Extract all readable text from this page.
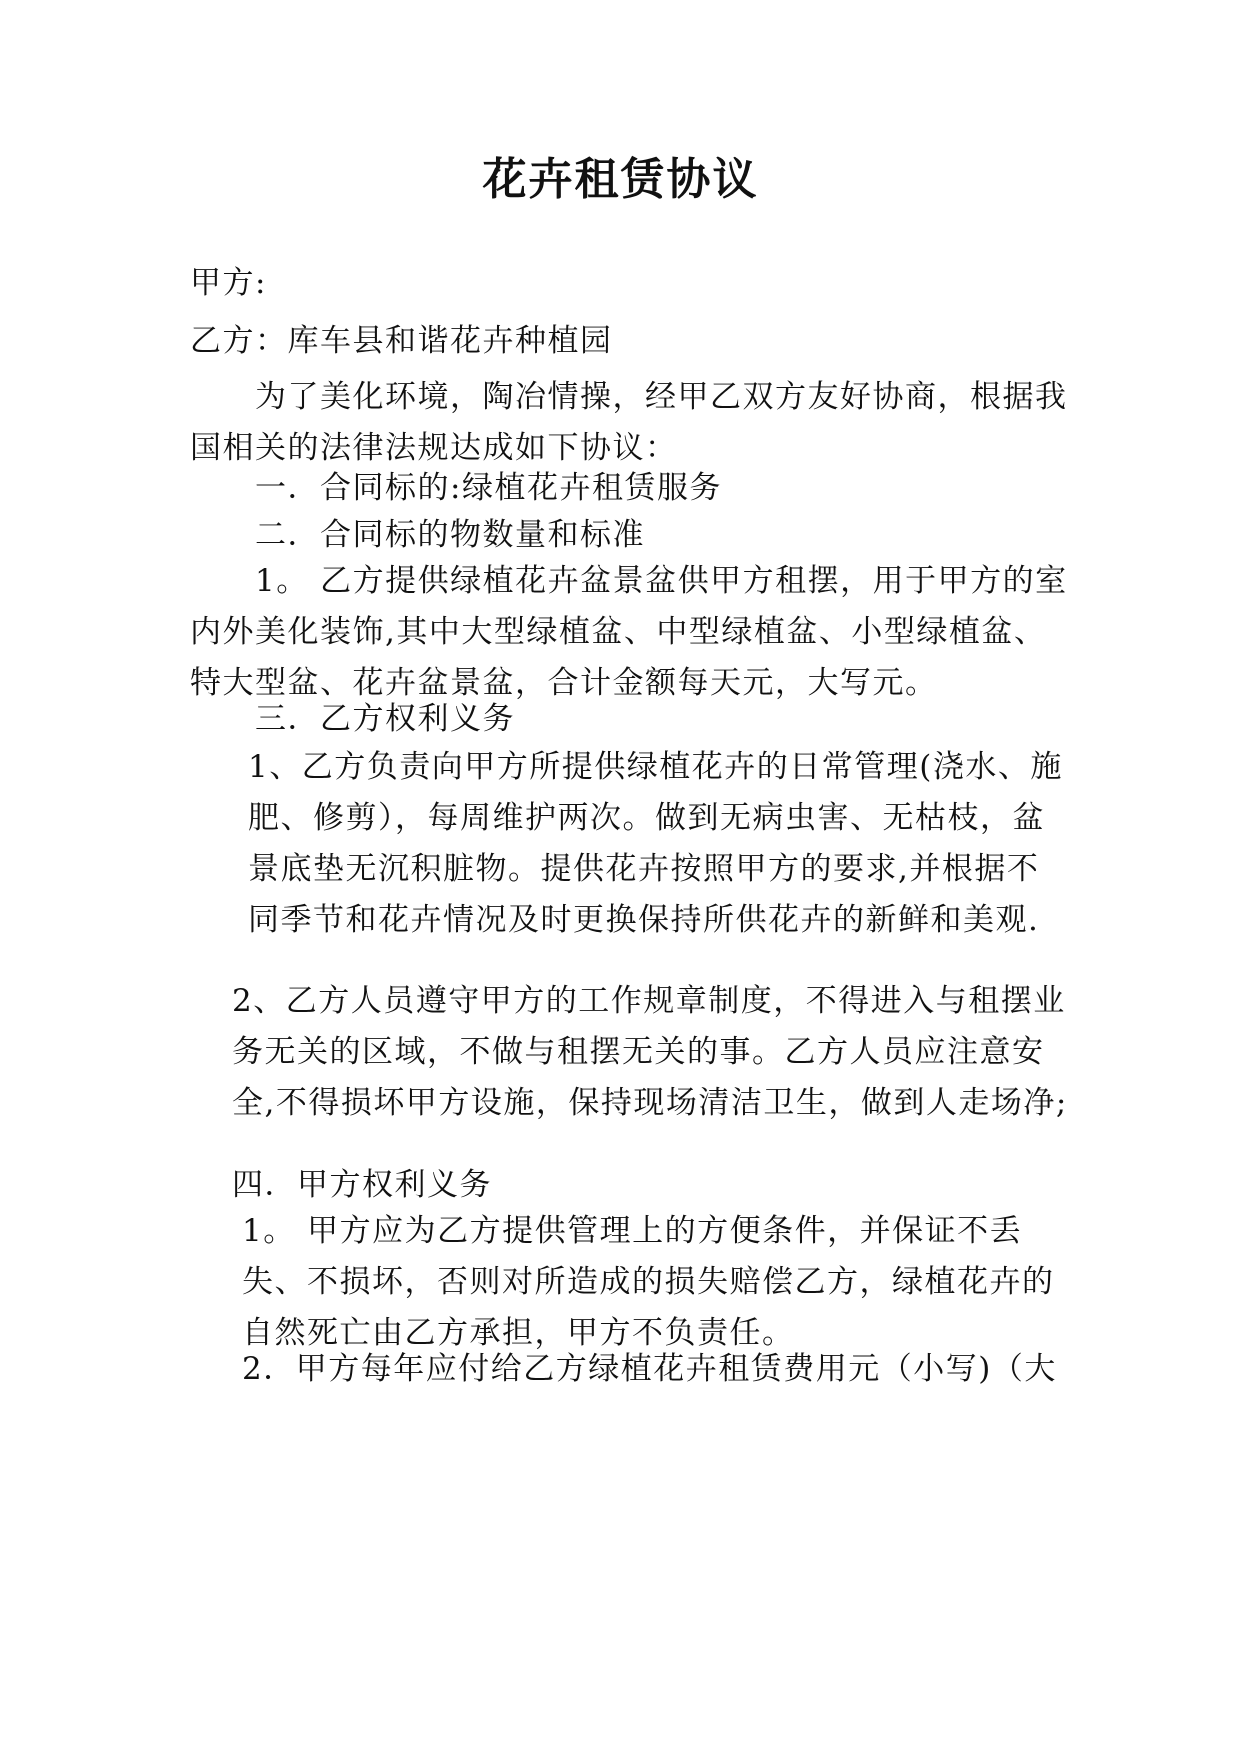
花卉租赁协议
甲方:
乙方：库车县和谐花卉种植园
为了美化环境，陶冶情操，经甲乙双方友好协商，根据我国相关的法律法规达成如下协议：
一．合同标的:绿植花卉租赁服务
二．合同标的物数量和标准
1。 乙方提供绿植花卉盆景盆供甲方租摆，用于甲方的室内外美化装饰,其中大型绿植盆、中型绿植盆、小型绿植盆、特大型盆、花卉盆景盆，合计金额每天元，大写元。
三．乙方权利义务
1、乙方负责向甲方所提供绿植花卉的日常管理(浇水、施肥、修剪），每周维护两次。做到无病虫害、无枯枝，盆景底垫无沉积脏物。提供花卉按照甲方的要求,并根据不同季节和花卉情况及时更换保持所供花卉的新鲜和美观.
2、乙方人员遵守甲方的工作规章制度，不得进入与租摆业务无关的区域，不做与租摆无关的事。乙方人员应注意安全,不得损坏甲方设施，保持现场清洁卫生，做到人走场净;
四．甲方权利义务
1。 甲方应为乙方提供管理上的方便条件，并保证不丢失、不损坏，否则对所造成的损失赔偿乙方，绿植花卉的自然死亡由乙方承担，甲方不负责任。
2．甲方每年应付给乙方绿植花卉租赁费用元（小写)（大
